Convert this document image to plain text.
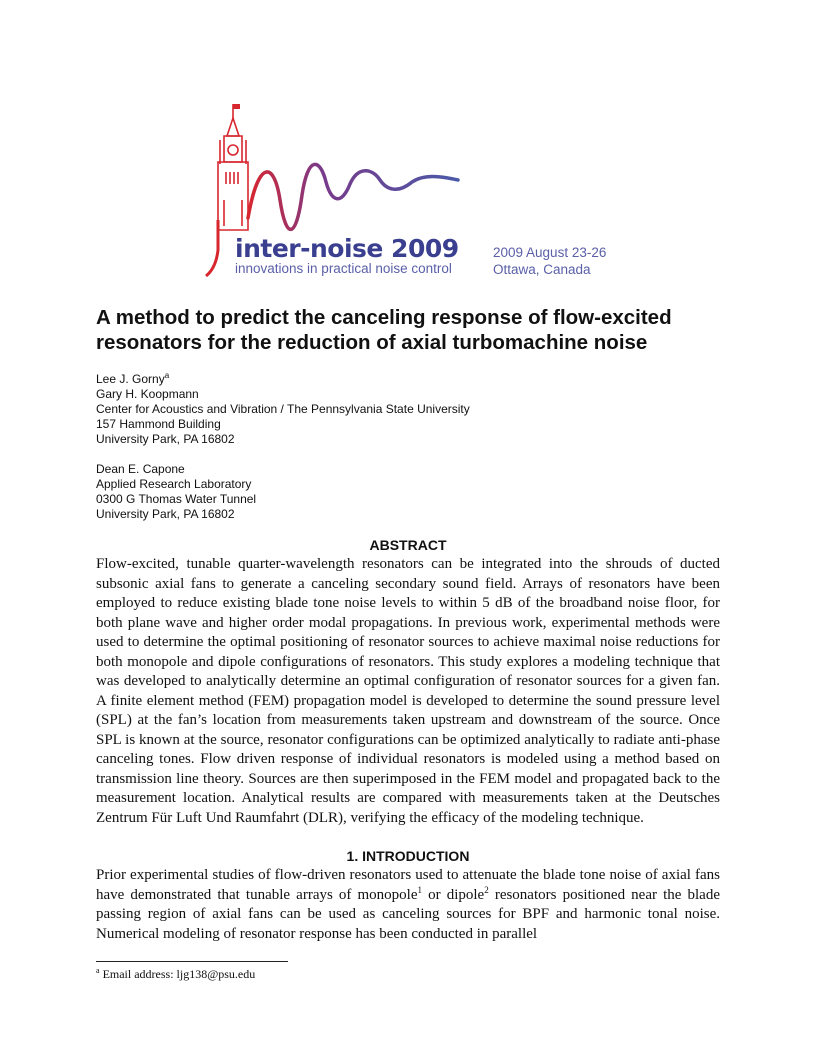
inter-noise 2009
innovations in practical noise control
2009 August 23-26
Ottawa, Canada
A method to predict the canceling response of flow-excited resonators for the reduction of axial turbomachine noise
Lee J. Gorny$^a$
Gary H. Koopmann
Center for Acoustics and Vibration / The Pennsylvania State University
157 Hammond Building
University Park, PA 16802
Dean E. Capone
Applied Research Laboratory
0300 G Thomas Water Tunnel
University Park, PA 16802
ABSTRACT

Flow-excited, tunable quarter-wavelength resonators can be integrated into the shrouds of ducted subsonic axial fans to generate a canceling secondary sound field. Arrays of resonators have been employed to reduce existing blade tone noise levels to within 5 dB of the broadband noise floor, for both plane wave and higher order modal propagations. In previous work, experimental methods were used to determine the optimal positioning of resonator sources to achieve maximal noise reductions for both monopole and dipole configurations of resonators. This study explores a modeling technique that was developed to analytically determine an optimal configuration of resonator sources for a given fan. A finite element method (FEM) propagation model is developed to determine the sound pressure level (SPL) at the fan’s location from measurements taken upstream and downstream of the source. Once SPL is known at the source, resonator configurations can be optimized analytically to radiate anti-phase canceling tones. Flow driven response of individual resonators is modeled using a method based on transmission line theory. Sources are then superimposed in the FEM model and propagated back to the measurement location. Analytical results are compared with measurements taken at the Deutsches Zentrum Für Luft Und Raumfahrt (DLR), verifying the efficacy of the modeling technique.

1. INTRODUCTION

Prior experimental studies of flow-driven resonators used to attenuate the blade tone noise of axial fans have demonstrated that tunable arrays of monopole$^1$ or dipole$^2$ resonators positioned near the blade passing region of axial fans can be used as canceling sources for BPF and harmonic tonal noise. Numerical modeling of resonator response has been conducted in parallel

$^a$ Email address: ljg138@psu.edu
